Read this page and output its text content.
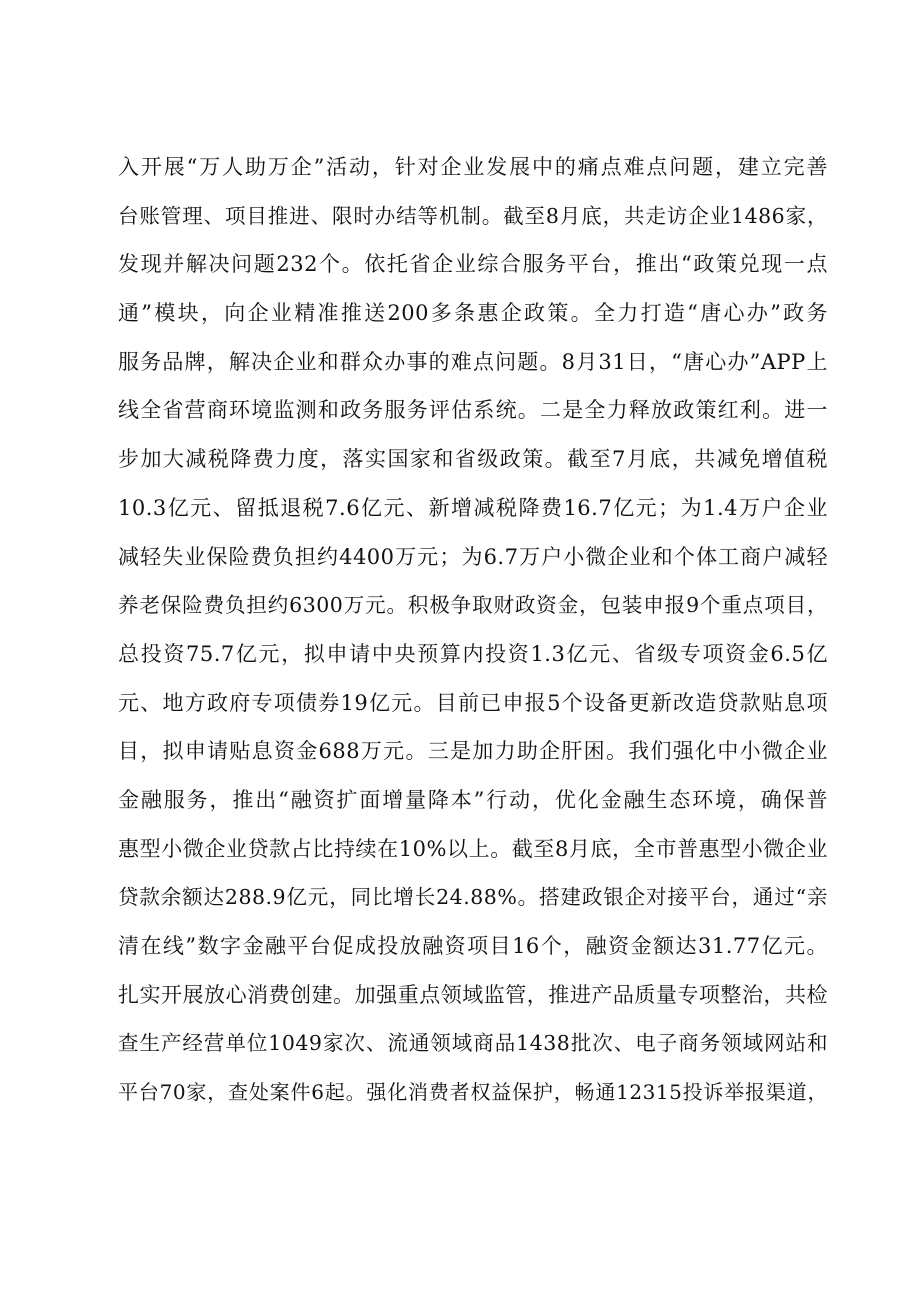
入开展“万人助万企”活动，针对企业发展中的痛点难点问题，建立完善
台账管理、项目推进、限时办结等机制。截至8月底，共走访企业1486家，
发现并解决问题232个。依托省企业综合服务平台，推出“政策兑现一点
通”模块，向企业精准推送200多条惠企政策。全力打造“唐心办”政务
服务品牌，解决企业和群众办事的难点问题。8月31日，“唐心办”APP上
线全省营商环境监测和政务服务评估系统。二是全力释放政策红利。进一
步加大减税降费力度，落实国家和省级政策。截至7月底，共减免增值税
10.3亿元、留抵退税7.6亿元、新增减税降费16.7亿元；为1.4万户企业
减轻失业保险费负担约4400万元；为6.7万户小微企业和个体工商户减轻
养老保险费负担约6300万元。积极争取财政资金，包装申报9个重点项目，
总投资75.7亿元，拟申请中央预算内投资1.3亿元、省级专项资金6.5亿
元、地方政府专项债券19亿元。目前已申报5个设备更新改造贷款贴息项
目，拟申请贴息资金688万元。三是加力助企肝困。我们强化中小微企业
金融服务，推出“融资扩面增量降本”行动，优化金融生态环境，确保普
惠型小微企业贷款占比持续在10%以上。截至8月底，全市普惠型小微企业
贷款余额达288.9亿元，同比增长24.88%。搭建政银企对接平台，通过“亲
清在线”数字金融平台促成投放融资项目16个，融资金额达31.77亿元。
扎实开展放心消费创建。加强重点领域监管，推进产品质量专项整治，共检
查生产经营单位1049家次、流通领域商品1438批次、电子商务领域网站和
平台70家，查处案件6起。强化消费者权益保护，畅通12315投诉举报渠道，
